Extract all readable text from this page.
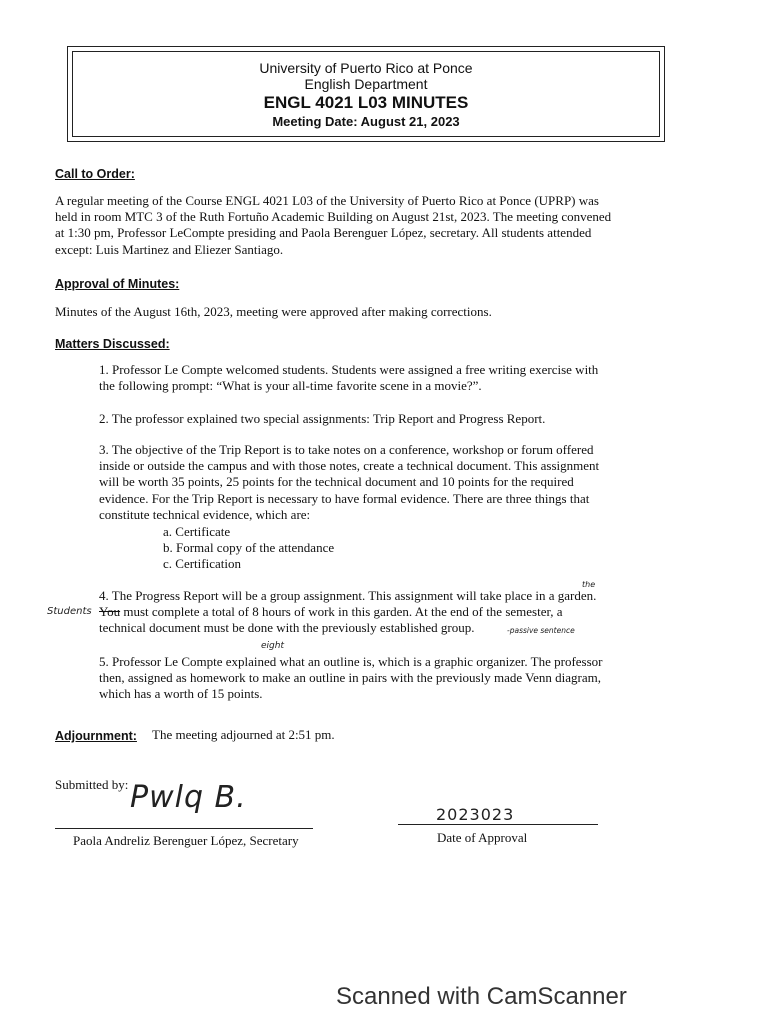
University of Puerto Rico at Ponce
English Department
ENGL 4021 L03 MINUTES
Meeting Date: August 21, 2023
Call to Order:
A regular meeting of the Course ENGL 4021 L03 of the University of Puerto Rico at Ponce (UPRP) was
held in room MTC 3 of the Ruth Fortuño Academic Building on August 21st, 2023. The meeting convened
at 1:30 pm, Professor LeCompte presiding and Paola Berenguer López, secretary. All students attended
except: Luis Martinez and Eliezer Santiago.
Approval of Minutes:
Minutes of the August 16th, 2023, meeting were approved after making corrections.
Matters Discussed:
1. Professor Le Compte welcomed students. Students were assigned a free writing exercise with
the following prompt: “What is your all-time favorite scene in a movie?”.
2. The professor explained two special assignments: Trip Report and Progress Report.
3. The objective of the Trip Report is to take notes on a conference, workshop or forum offered
inside or outside the campus and with those notes, create a technical document. This assignment
will be worth 35 points, 25 points for the technical document and 10 points for the required
evidence. For the Trip Report is necessary to have formal evidence. There are three things that
constitute technical evidence, which are:
a. Certificate
b. Formal copy of the attendance
c. Certification
4. The Progress Report will be a group assignment. This assignment will take place in a garden.
You must complete a total of 8 hours of work in this garden. At the end of the semester, a
technical document must be done with the previously established group.
5. Professor Le Compte explained what an outline is, which is a graphic organizer. The professor
then, assigned as homework to make an outline in pairs with the previously made Venn diagram,
which has a worth of 15 points.
the
Students
eight
-passive sentence
Adjournment: The meeting adjourned at 2:51 pm.
Submitted by: Pwlq B.
Paola Andreliz Berenguer López, Secretary
2023023
Date of Approval
Scanned with CamScanner
